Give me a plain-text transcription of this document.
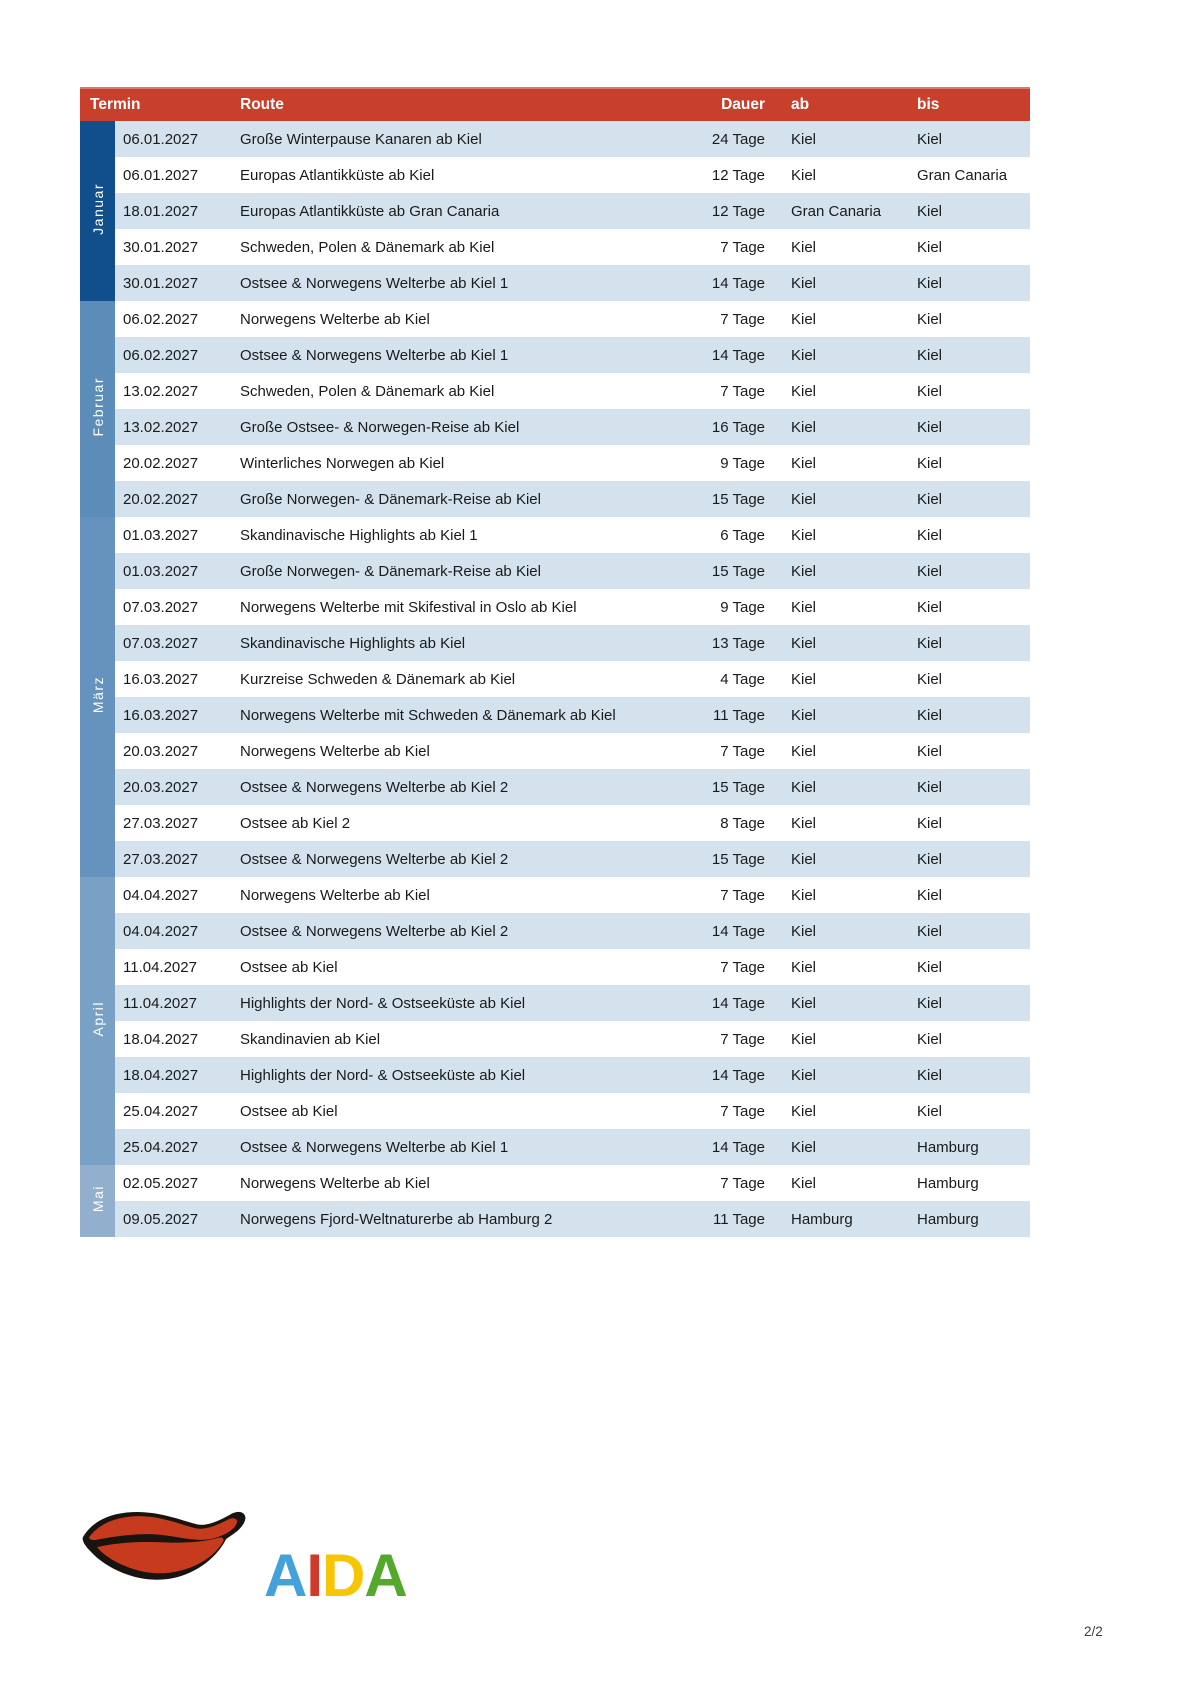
Termin		Route	Dauer	ab	bis
Januar	06.01.2027	Große Winterpause Kanaren ab Kiel	24 Tage	Kiel	Kiel
	06.01.2027	Europas Atlantikküste ab Kiel	12 Tage	Kiel	Gran Canaria
	18.01.2027	Europas Atlantikküste ab Gran Canaria	12 Tage	Gran Canaria	Kiel
	30.01.2027	Schweden, Polen & Dänemark ab Kiel	7 Tage	Kiel	Kiel
	30.01.2027	Ostsee & Norwegens Welterbe ab Kiel 1	14 Tage	Kiel	Kiel
Februar	06.02.2027	Norwegens Welterbe ab Kiel	7 Tage	Kiel	Kiel
	06.02.2027	Ostsee & Norwegens Welterbe ab Kiel 1	14 Tage	Kiel	Kiel
	13.02.2027	Schweden, Polen & Dänemark ab Kiel	7 Tage	Kiel	Kiel
	13.02.2027	Große Ostsee- & Norwegen-Reise ab Kiel	16 Tage	Kiel	Kiel
	20.02.2027	Winterliches Norwegen ab Kiel	9 Tage	Kiel	Kiel
	20.02.2027	Große Norwegen- & Dänemark-Reise ab Kiel	15 Tage	Kiel	Kiel
März	01.03.2027	Skandinavische Highlights ab Kiel 1	6 Tage	Kiel	Kiel
	01.03.2027	Große Norwegen- & Dänemark-Reise ab Kiel	15 Tage	Kiel	Kiel
	07.03.2027	Norwegens Welterbe mit Skifestival in Oslo ab Kiel	9 Tage	Kiel	Kiel
	07.03.2027	Skandinavische Highlights ab Kiel	13 Tage	Kiel	Kiel
	16.03.2027	Kurzreise Schweden & Dänemark ab Kiel	4 Tage	Kiel	Kiel
	16.03.2027	Norwegens Welterbe mit Schweden & Dänemark ab Kiel	11 Tage	Kiel	Kiel
	20.03.2027	Norwegens Welterbe ab Kiel	7 Tage	Kiel	Kiel
	20.03.2027	Ostsee & Norwegens Welterbe ab Kiel 2	15 Tage	Kiel	Kiel
	27.03.2027	Ostsee ab Kiel 2	8 Tage	Kiel	Kiel
	27.03.2027	Ostsee & Norwegens Welterbe ab Kiel 2	15 Tage	Kiel	Kiel
April	04.04.2027	Norwegens Welterbe ab Kiel	7 Tage	Kiel	Kiel
	04.04.2027	Ostsee & Norwegens Welterbe ab Kiel 2	14 Tage	Kiel	Kiel
	11.04.2027	Ostsee ab Kiel	7 Tage	Kiel	Kiel
	11.04.2027	Highlights der Nord- & Ostseeküste ab Kiel	14 Tage	Kiel	Kiel
	18.04.2027	Skandinavien ab Kiel	7 Tage	Kiel	Kiel
	18.04.2027	Highlights der Nord- & Ostseeküste ab Kiel	14 Tage	Kiel	Kiel
	25.04.2027	Ostsee ab Kiel	7 Tage	Kiel	Kiel
	25.04.2027	Ostsee & Norwegens Welterbe ab Kiel 1	14 Tage	Kiel	Hamburg
Mai	02.05.2027	Norwegens Welterbe ab Kiel	7 Tage	Kiel	Hamburg
	09.05.2027	Norwegens Fjord-Weltnaturerbe ab Hamburg 2	11 Tage	Hamburg	Hamburg
AIDA
2/2
